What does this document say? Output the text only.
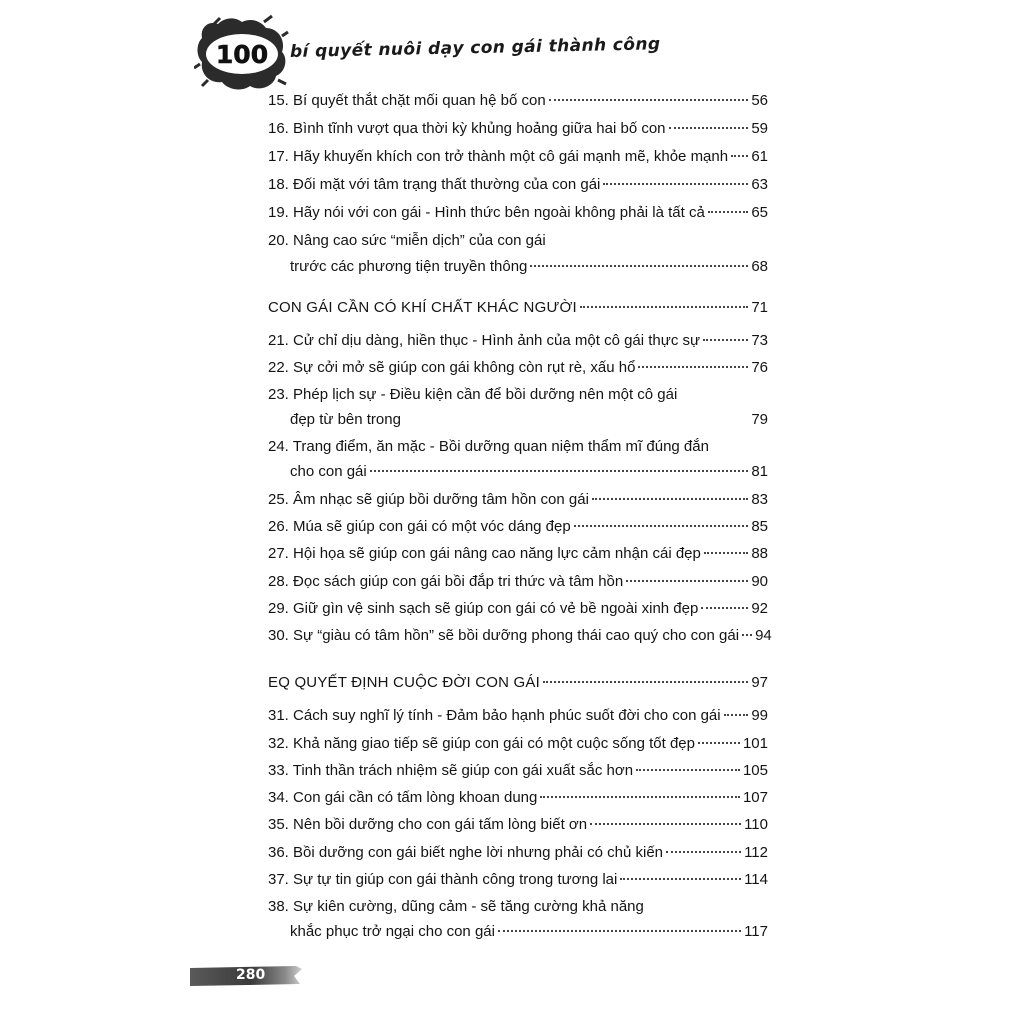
100 bí quyết nuôi dạy con gái thành công
15. Bí quyết thắt chặt mối quan hệ bố con	56
16. Bình tĩnh vượt qua thời kỳ khủng hoảng giữa hai bố con	59
17. Hãy khuyến khích con trở thành một cô gái mạnh mẽ, khỏe mạnh 61
18. Đối mặt với tâm trạng thất thường của con gái	63
19. Hãy nói với con gái - Hình thức bên ngoài không phải là tất cả	65
20. Nâng cao sức “miễn dịch” của con gái
trước các phương tiện truyền thông	68
CON GÁI CẦN CÓ KHÍ CHẤT KHÁC NGƯỜI	71
21. Cử chỉ dịu dàng, hiền thục - Hình ảnh của một cô gái thực sự	73
22. Sự cởi mở sẽ giúp con gái không còn rụt rè, xấu hổ	76
23. Phép lịch sự - Điều kiện cần để bồi dưỡng nên một cô gái
đẹp từ bên trong	79
24. Trang điểm, ăn mặc - Bồi dưỡng quan niệm thẩm mĩ đúng đắn
cho con gái	81
25. Âm nhạc sẽ giúp bồi dưỡng tâm hồn con gái	83
26. Múa sẽ giúp con gái có một vóc dáng đẹp	85
27. Hội họa sẽ giúp con gái nâng cao năng lực cảm nhận cái đẹp	88
28. Đọc sách giúp con gái bồi đắp tri thức và tâm hồn	90
29. Giữ gìn vệ sinh sạch sẽ giúp con gái có vẻ bề ngoài xinh đẹp	92
30. Sự “giàu có tâm hồn” sẽ bồi dưỡng phong thái cao quý cho con gái 94
EQ QUYẾT ĐỊNH CUỘC ĐỜI CON GÁI	97
31. Cách suy nghĩ lý tính - Đảm bảo hạnh phúc suốt đời cho con gái 99
32. Khả năng giao tiếp sẽ giúp con gái có một cuộc sống tốt đẹp	101
33. Tinh thần trách nhiệm sẽ giúp con gái xuất sắc hơn	105
34. Con gái cần có tấm lòng khoan dung	107
35. Nên bồi dưỡng cho con gái tấm lòng biết ơn	110
36. Bồi dưỡng con gái biết nghe lời nhưng phải có chủ kiến	112
37. Sự tự tin giúp con gái thành công trong tương lai	114
38. Sự kiên cường, dũng cảm - sẽ tăng cường khả năng
khắc phục trở ngại cho con gái	117
280
